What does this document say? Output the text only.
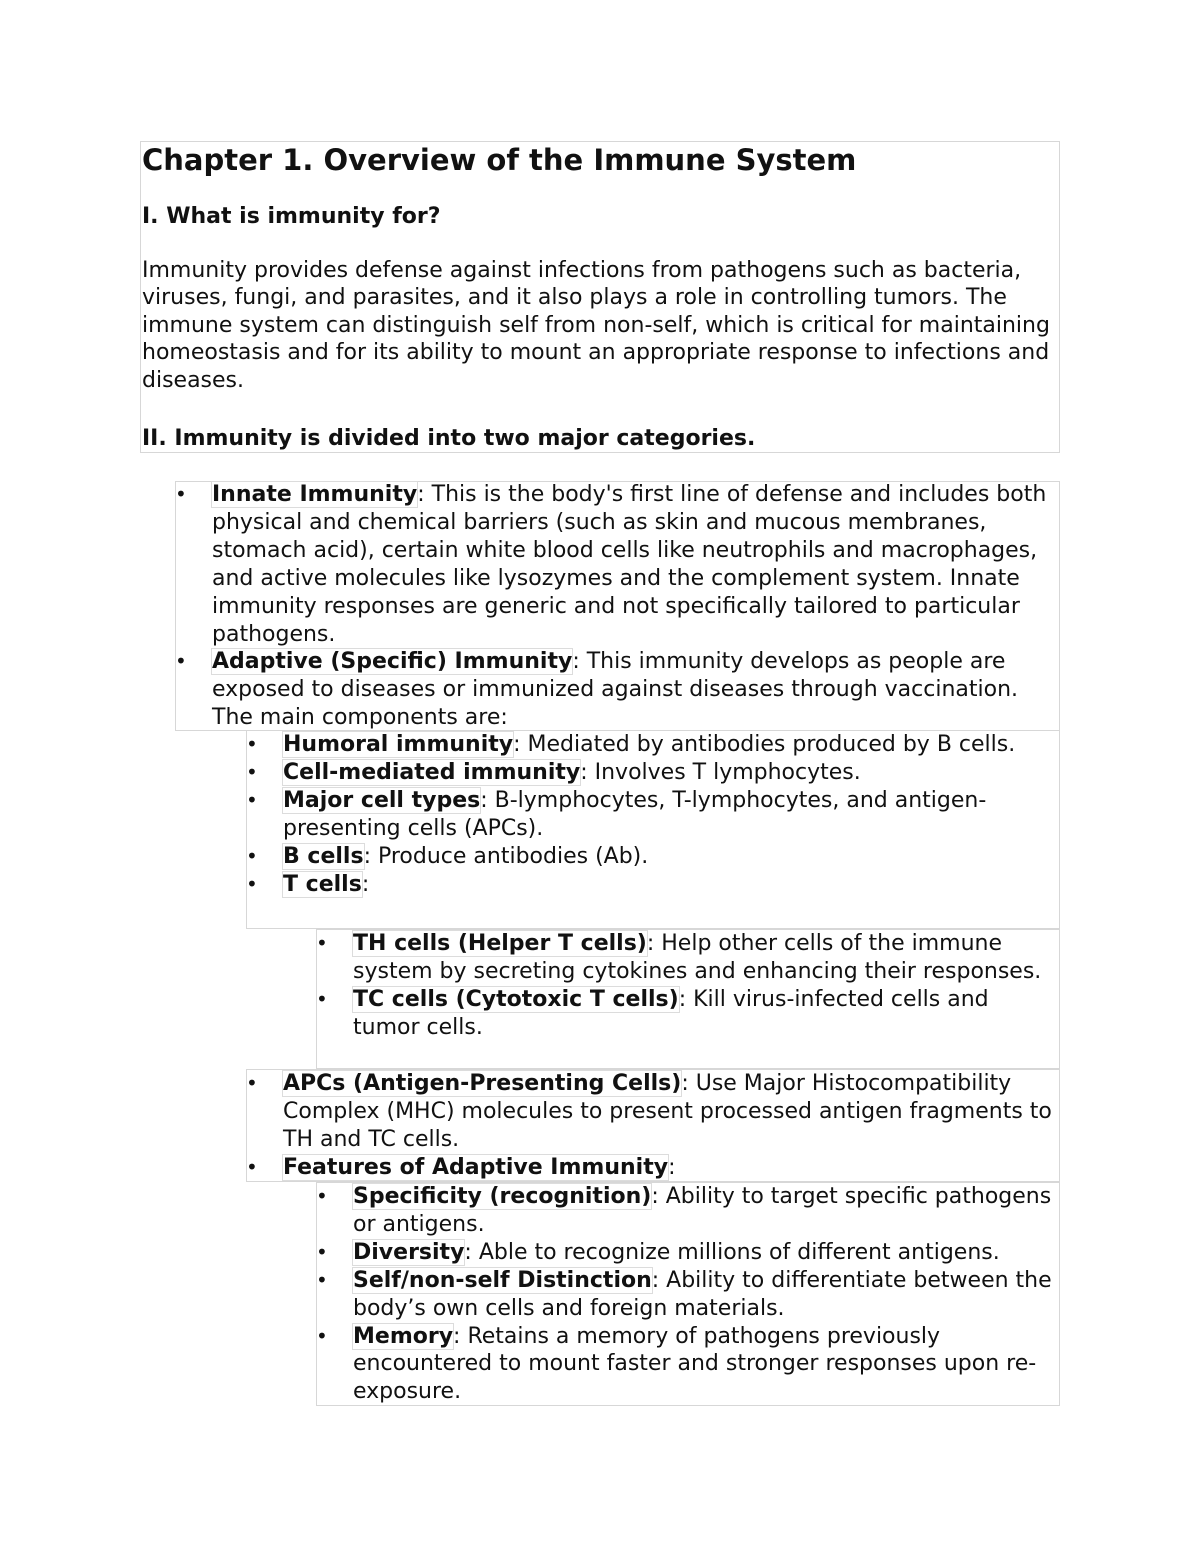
Chapter 1. Overview of the Immune System
I. What is immunity for?

Immunity provides defense against infections from pathogens such as bacteria, viruses, fungi, and parasites, and it also plays a role in controlling tumors. The immune system can distinguish self from non-self, which is critical for maintaining homeostasis and for its ability to mount an appropriate response to infections and diseases.

II. Immunity is divided into two major categories.
• Innate Immunity: This is the body's first line of defense and includes both physical and chemical barriers (such as skin and mucous membranes, stomach acid), certain white blood cells like neutrophils and macrophages, and active molecules like lysozymes and the complement system. Innate immunity responses are generic and not specifically tailored to particular pathogens.
• Adaptive (Specific) Immunity: This immunity develops as people are exposed to diseases or immunized against diseases through vaccination. The main components are:
• Humoral immunity: Mediated by antibodies produced by B cells.
• Cell-mediated immunity: Involves T lymphocytes.
• Major cell types: B-lymphocytes, T-lymphocytes, and antigen-presenting cells (APCs).
• B cells: Produce antibodies (Ab).
• T cells:
• TH cells (Helper T cells): Help other cells of the immune system by secreting cytokines and enhancing their responses.
• TC cells (Cytotoxic T cells): Kill virus-infected cells and tumor cells.
• APCs (Antigen-Presenting Cells): Use Major Histocompatibility Complex (MHC) molecules to present processed antigen fragments to TH and TC cells.
• Features of Adaptive Immunity:
• Specificity (recognition): Ability to target specific pathogens or antigens.
• Diversity: Able to recognize millions of different antigens.
• Self/non-self Distinction: Ability to differentiate between the body’s own cells and foreign materials.
• Memory: Retains a memory of pathogens previously encountered to mount faster and stronger responses upon re-exposure.
